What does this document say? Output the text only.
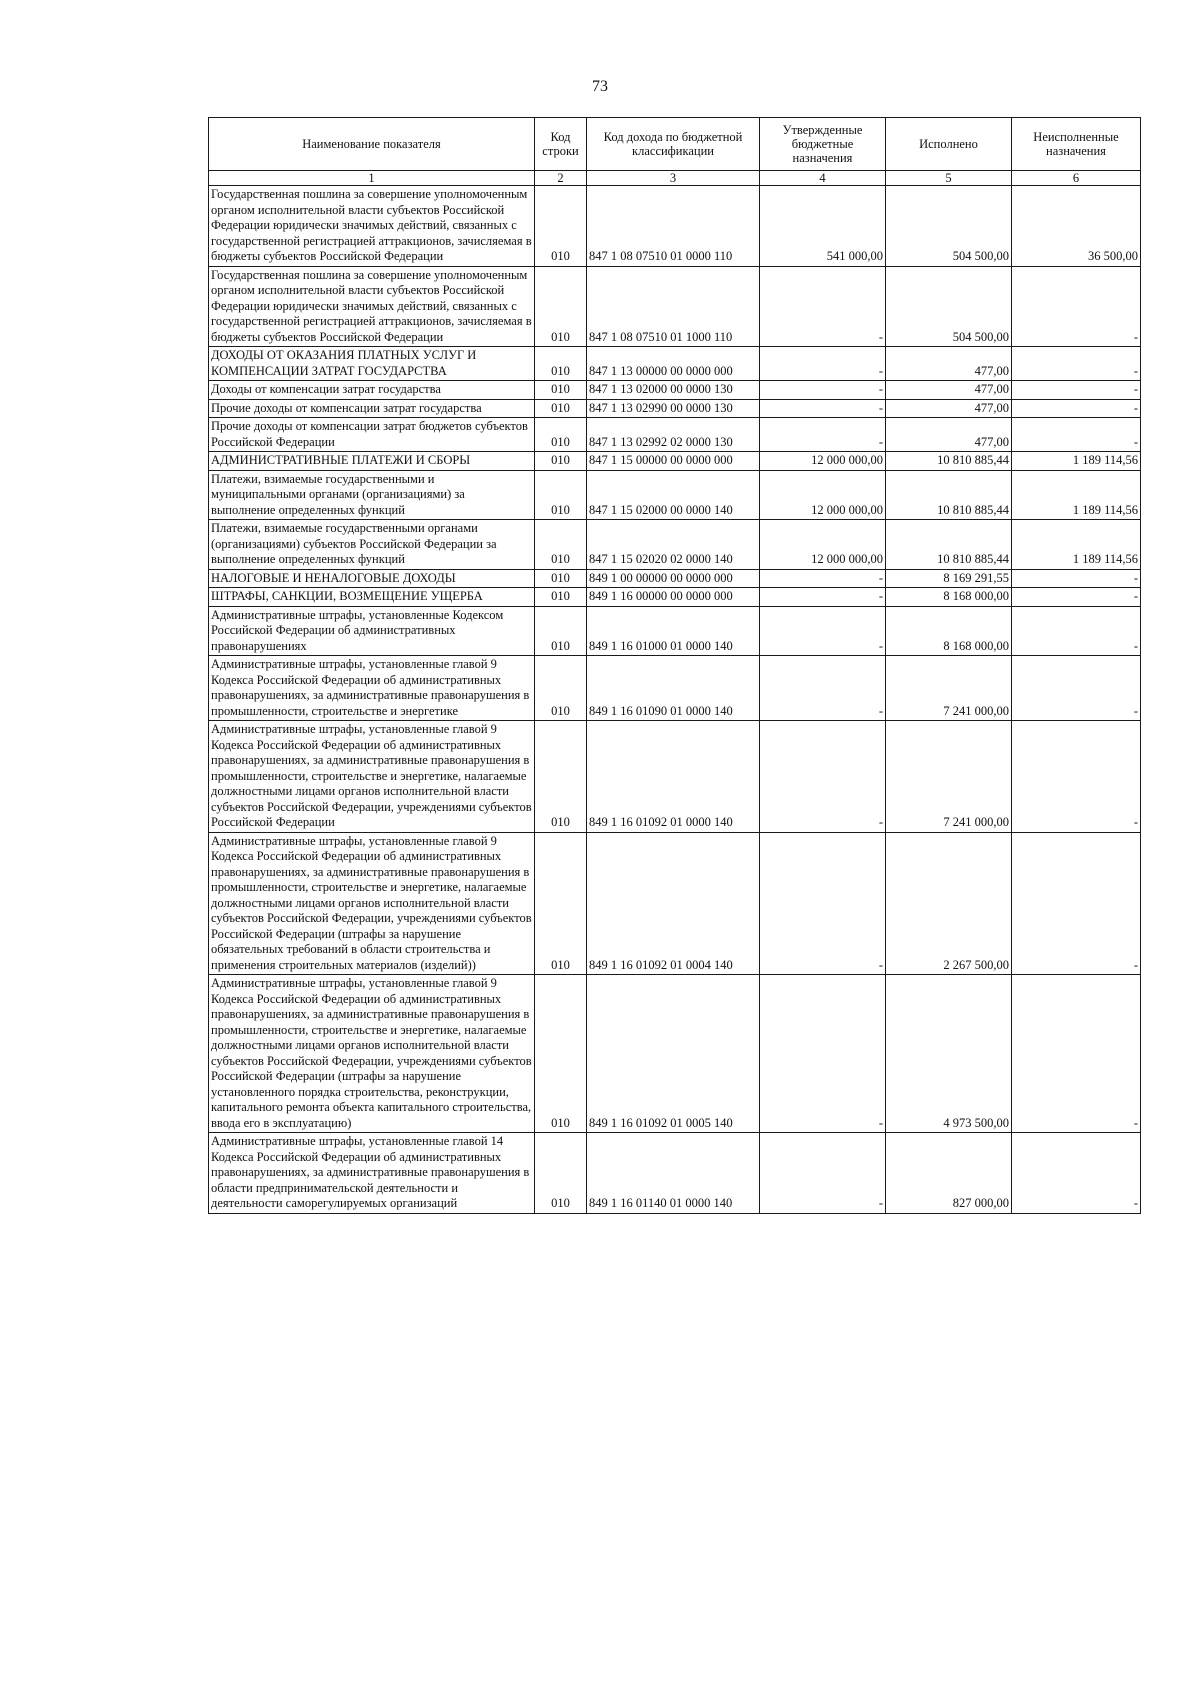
73
Наименование показателя	Код строки	Код дохода по бюджетной классификации	Утвержденные бюджетные назначения	Исполнено	Неисполненные назначения
1	2	3	4	5	6
Государственная пошлина за совершение уполномоченным органом исполнительной власти субъектов Российской Федерации юридически значимых действий, связанных с государственной регистрацией аттракционов, зачисляемая в бюджеты субъектов Российской Федерации	010	847 1 08 07510 01 0000 110	541 000,00	504 500,00	36 500,00
Государственная пошлина за совершение уполномоченным органом исполнительной власти субъектов Российской Федерации юридически значимых действий, связанных с государственной регистрацией аттракционов, зачисляемая в бюджеты субъектов Российской Федерации	010	847 1 08 07510 01 1000 110	-	504 500,00	-
ДОХОДЫ ОТ ОКАЗАНИЯ ПЛАТНЫХ УСЛУГ И КОМПЕНСАЦИИ ЗАТРАТ ГОСУДАРСТВА	010	847 1 13 00000 00 0000 000	-	477,00	-
Доходы от компенсации затрат государства	010	847 1 13 02000 00 0000 130	-	477,00	-
Прочие доходы от компенсации затрат государства	010	847 1 13 02990 00 0000 130	-	477,00	-
Прочие доходы от компенсации затрат бюджетов субъектов Российской Федерации	010	847 1 13 02992 02 0000 130	-	477,00	-
АДМИНИСТРАТИВНЫЕ ПЛАТЕЖИ И СБОРЫ	010	847 1 15 00000 00 0000 000	12 000 000,00	10 810 885,44	1 189 114,56
Платежи, взимаемые государственными и муниципальными органами (организациями) за выполнение определенных функций	010	847 1 15 02000 00 0000 140	12 000 000,00	10 810 885,44	1 189 114,56
Платежи, взимаемые государственными органами (организациями) субъектов Российской Федерации за выполнение определенных функций	010	847 1 15 02020 02 0000 140	12 000 000,00	10 810 885,44	1 189 114,56
НАЛОГОВЫЕ И НЕНАЛОГОВЫЕ ДОХОДЫ	010	849 1 00 00000 00 0000 000	-	8 169 291,55	-
ШТРАФЫ, САНКЦИИ, ВОЗМЕЩЕНИЕ УЩЕРБА	010	849 1 16 00000 00 0000 000	-	8 168 000,00	-
Административные штрафы, установленные Кодексом Российской Федерации об административных правонарушениях	010	849 1 16 01000 01 0000 140	-	8 168 000,00	-
Административные штрафы, установленные главой 9 Кодекса Российской Федерации об административных правонарушениях, за административные правонарушения в промышленности, строительстве и энергетике	010	849 1 16 01090 01 0000 140	-	7 241 000,00	-
Административные штрафы, установленные главой 9 Кодекса Российской Федерации об административных правонарушениях, за административные правонарушения в промышленности, строительстве и энергетике, налагаемые должностными лицами органов исполнительной власти субъектов Российской Федерации, учреждениями субъектов Российской Федерации	010	849 1 16 01092 01 0000 140	-	7 241 000,00	-
Административные штрафы, установленные главой 9 Кодекса Российской Федерации об административных правонарушениях, за административные правонарушения в промышленности, строительстве и энергетике, налагаемые должностными лицами органов исполнительной власти субъектов Российской Федерации, учреждениями субъектов Российской Федерации (штрафы за нарушение обязательных требований в области строительства и применения строительных материалов (изделий))	010	849 1 16 01092 01 0004 140	-	2 267 500,00	-
Административные штрафы, установленные главой 9 Кодекса Российской Федерации об административных правонарушениях, за административные правонарушения в промышленности, строительстве и энергетике, налагаемые должностными лицами органов исполнительной власти субъектов Российской Федерации, учреждениями субъектов Российской Федерации (штрафы за нарушение установленного порядка строительства, реконструкции, капитального ремонта объекта капитального строительства, ввода его в эксплуатацию)	010	849 1 16 01092 01 0005 140	-	4 973 500,00	-
Административные штрафы, установленные главой 14 Кодекса Российской Федерации об административных правонарушениях, за административные правонарушения в области предпринимательской деятельности и деятельности саморегулируемых организаций	010	849 1 16 01140 01 0000 140	-	827 000,00	-
